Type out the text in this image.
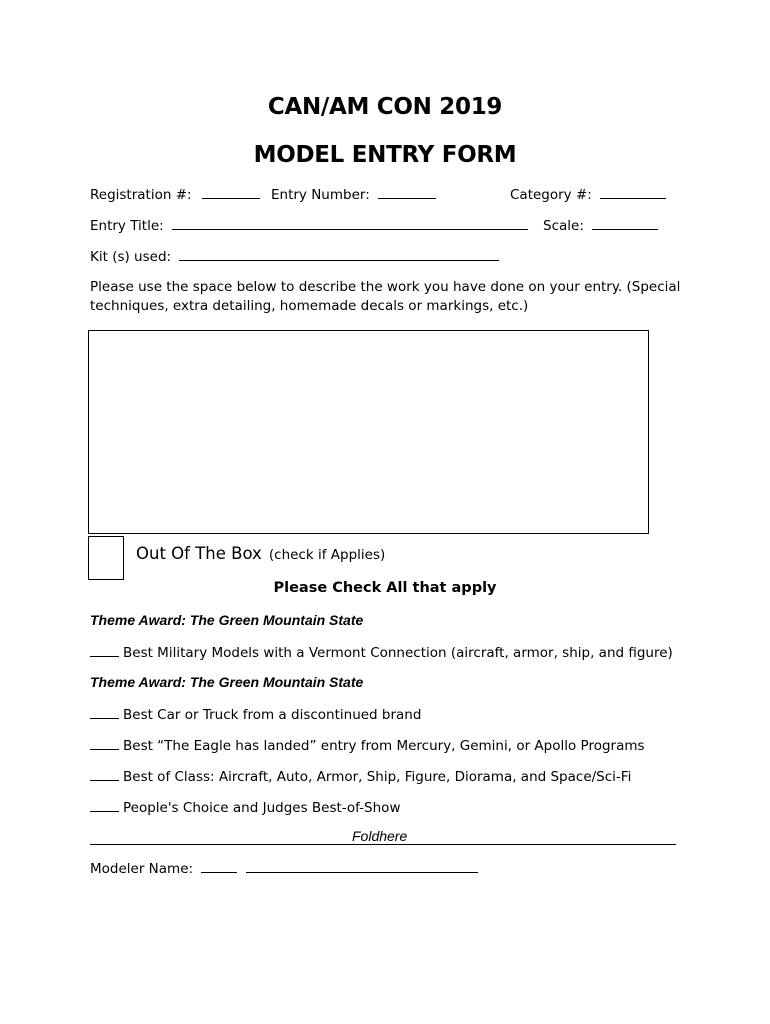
CAN/AM CON 2019
MODEL ENTRY FORM
Registration #:	Entry Number:	Category #:
Entry Title:	Scale:
Kit (s) used:
Please use the space below to describe the work you have done on your entry. (Special
techniques, extra detailing, homemade decals or markings, etc.)
Out Of The Box (check if Applies)
Please Check All that apply
Theme Award: The Green Mountain State
Best Military Models with a Vermont Connection (aircraft, armor, ship, and figure)
Theme Award: The Green Mountain State
Best Car or Truck from a discontinued brand
Best “The Eagle has landed” entry from Mercury, Gemini, or Apollo Programs
Best of Class: Aircraft, Auto, Armor, Ship, Figure, Diorama, and Space/Sci-Fi
People's Choice and Judges Best-of-Show
Foldhere
Modeler Name:
